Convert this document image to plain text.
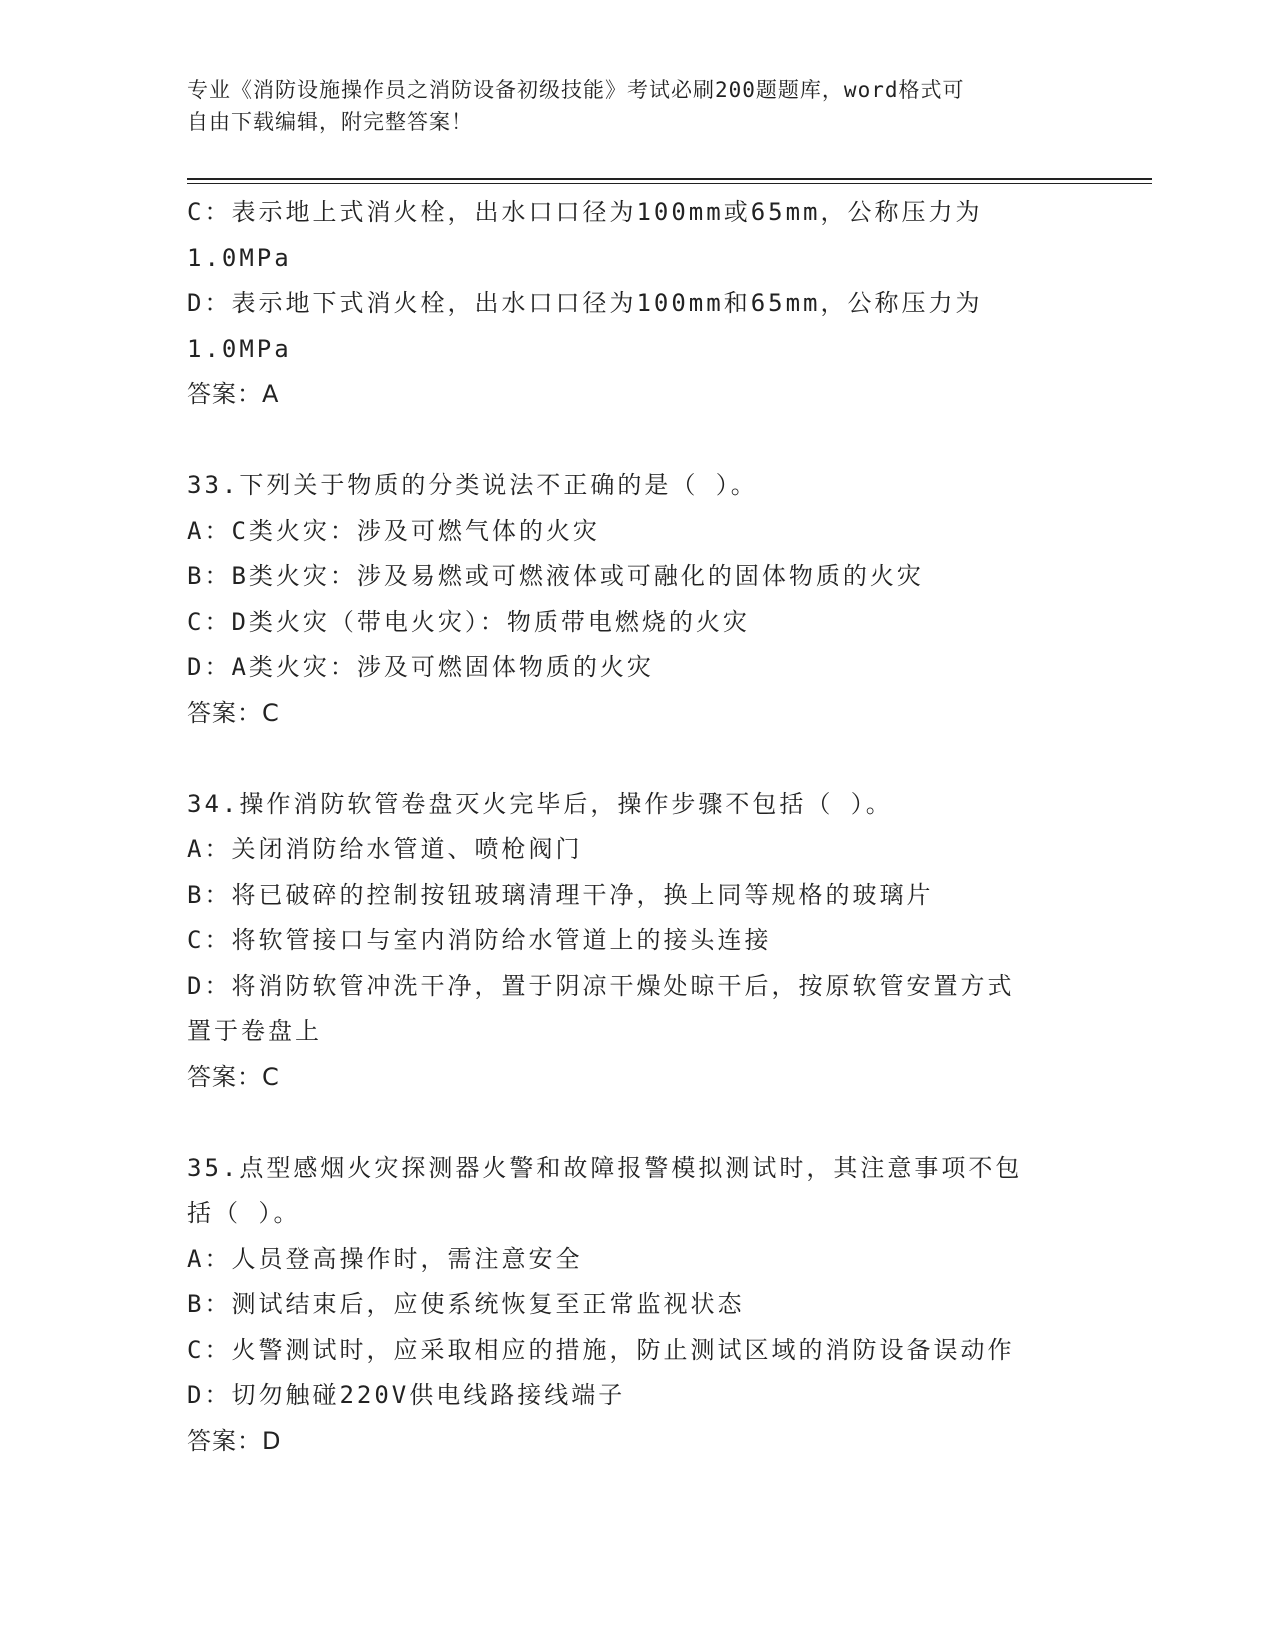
专业《消防设施操作员之消防设备初级技能》考试必刷200题题库，word格式可
自由下载编辑，附完整答案！
C：表示地上式消火栓，出水口口径为100mm或65mm，公称压力为
1.0MPa
D：表示地下式消火栓，出水口口径为100mm和65mm，公称压力为
1.0MPa
答案：A
33.下列关于物质的分类说法不正确的是（ ）。
A：C类火灾：涉及可燃气体的火灾
B：B类火灾：涉及易燃或可燃液体或可融化的固体物质的火灾
C：D类火灾（带电火灾）：物质带电燃烧的火灾
D：A类火灾：涉及可燃固体物质的火灾
答案：C
34.操作消防软管卷盘灭火完毕后，操作步骤不包括（ ）。
A：关闭消防给水管道、喷枪阀门
B：将已破碎的控制按钮玻璃清理干净，换上同等规格的玻璃片
C：将软管接口与室内消防给水管道上的接头连接
D：将消防软管冲洗干净，置于阴凉干燥处晾干后，按原软管安置方式
置于卷盘上
答案：C
35.点型感烟火灾探测器火警和故障报警模拟测试时，其注意事项不包
括（ ）。
A：人员登高操作时，需注意安全
B：测试结束后，应使系统恢复至正常监视状态
C：火警测试时，应采取相应的措施，防止测试区域的消防设备误动作
D：切勿触碰220V供电线路接线端子
答案：D
